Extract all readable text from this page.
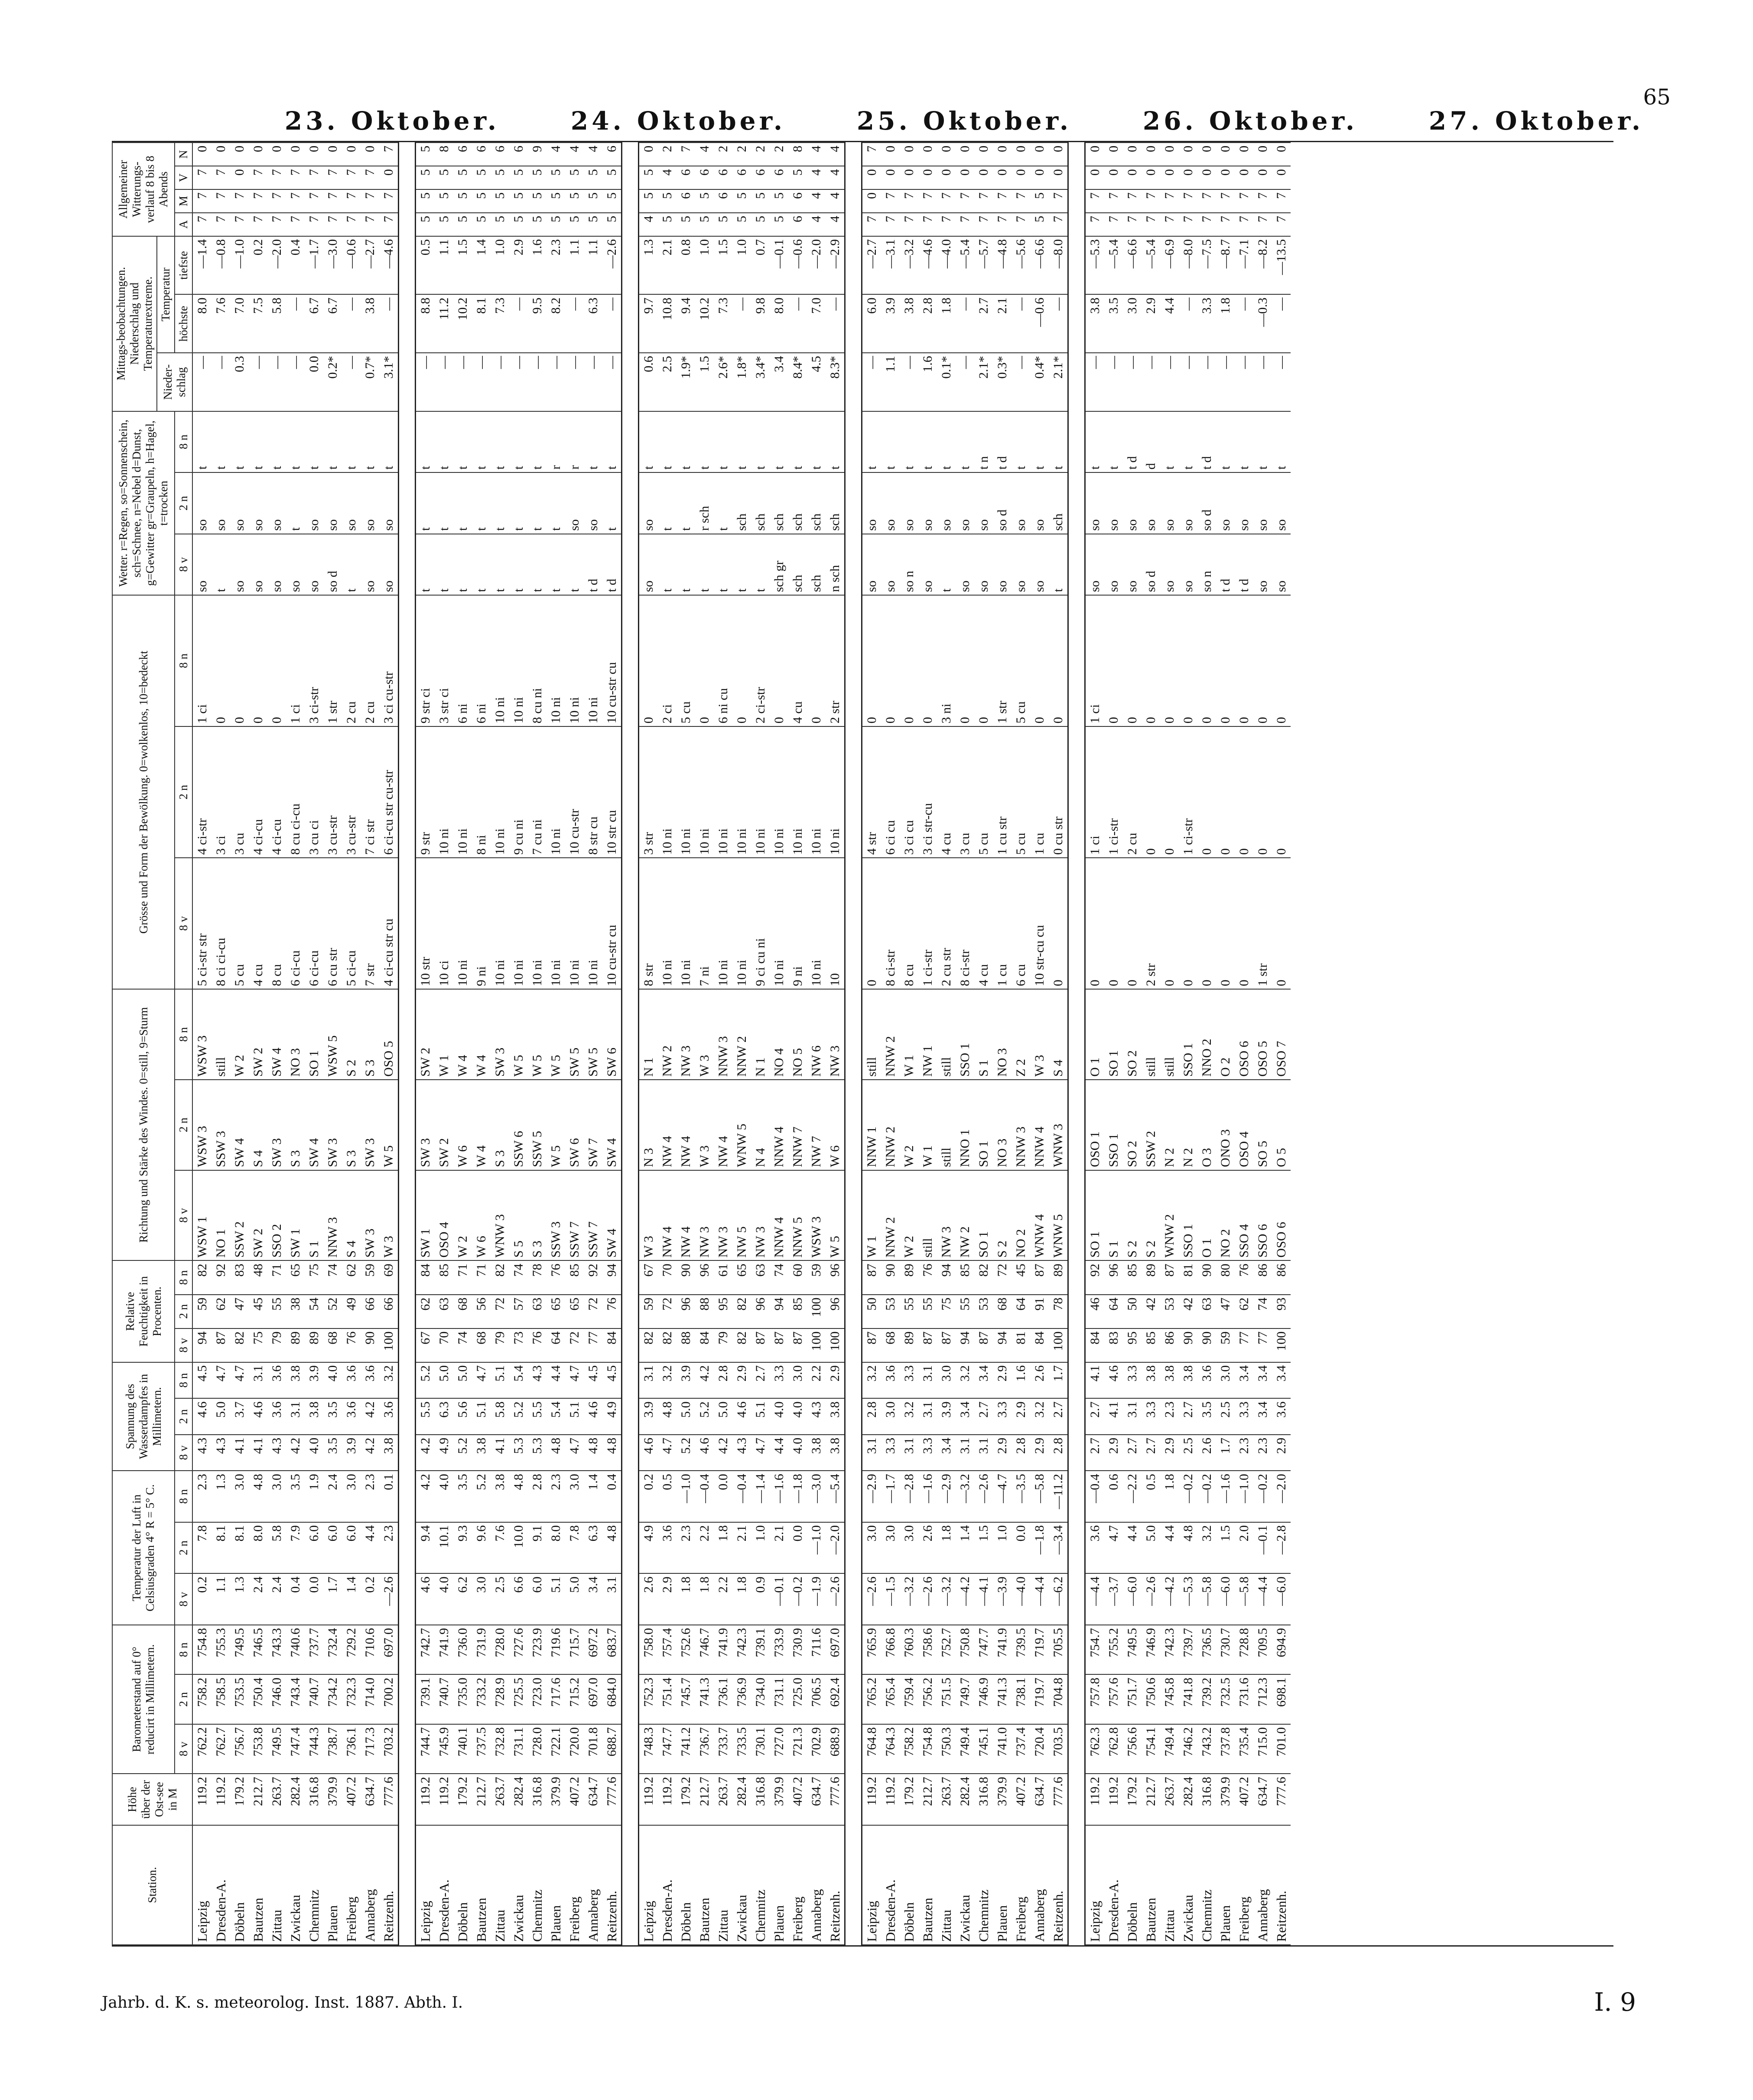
65
23. Oktober.	24. Oktober.	25. Oktober.	26. Oktober.	27. Oktober.
Station.	Höhe über der Ost-see in M	Barometerstand auf 0° reducirt in Millimetern.			Temperatur der Luft in Celsiusgraden 4° R = 5° C.			Spannung des Wasserdampfes in Millimetern.			Relative Feuchtigkeit in Procenten.			Richtung und Stärke des Windes. 0=still, 9=Sturm			Grösse und Form der Bewölkung. 0=wolkenlos, 10=bedeckt			Wetter. r=Regen, so=Sonnenschein, sch=Schnee, n=Nebel d=Dunst, g=Gewitter gr=Graupeln, h=Hagel, t=trocken			Mittags-beobachtungen. Niederschlag und Temperaturextreme.			Allgemeiner Witterungs-verlauf 8 bis 8 Abends			
																							Nieder-schlag	Temperatur					
		8 v	2 n	8 n	8 v	2 n	8 n	8 v	2 n	8 n	8 v	2 n	8 n	8 v	2 n	8 n	8 v	2 n	8 n	8 v	2 n	8 n		höchste	tiefste	A	M	V	N
Leipzig	119.2	762.2	758.2	754.8	0.2	7.8	2.3	4.3	4.6	4.5	94	59	82	WSW 1	WSW 3	WSW 3	5 ci-str str	4 ci-str	1 ci	so	so	t	—	8.0	—1.4	7	7	7	0
Dresden-A.	119.2	762.7	758.5	755.3	1.1	8.1	1.3	4.3	5.0	4.7	87	62	92	NO 1	SSW 3	still	8 ci ci-cu	3 ci	0	t	so	t	—	7.6	—0.8	7	7	7	0
Döbeln	179.2	756.7	753.5	749.5	1.3	8.1	3.0	4.1	3.7	4.7	82	47	83	SSW 2	SW 4	W 2	5 cu	3 cu	0	so	so	t	0.3	7.0	—1.0	7	7	0	0
Bautzen	212.7	753.8	750.4	746.5	2.4	8.0	4.8	4.1	4.6	3.1	75	45	48	SW 2	S 4	SW 2	4 cu	4 ci-cu	0	so	so	t	—	7.5	0.2	7	7	7	0
Zittau	263.7	749.5	746.0	743.3	2.4	5.8	3.0	4.3	3.6	3.6	79	55	71	SSO 2	SW 3	SW 4	8 cu	4 ci-cu	0	so	so	t	—	5.8	—2.0	7	7	7	0
Zwickau	282.4	747.4	743.4	740.6	0.4	7.9	3.5	4.2	3.1	3.8	89	38	65	SW 1	S 3	NO 3	6 ci-cu	8 cu ci-cu	1 ci	so	t	t	—	—	0.4	7	7	7	0
Chemnitz	316.8	744.3	740.7	737.7	0.0	6.0	1.9	4.0	3.8	3.9	89	54	75	S 1	SW 4	SO 1	6 ci-cu	3 cu ci	3 ci-str	so	so	t	0.0	6.7	—1.7	7	7	7	0
Plauen	379.9	738.7	734.2	732.4	1.7	6.0	2.4	3.5	3.5	4.0	68	52	74	NNW 3	SW 3	WSW 5	6 cu str	3 cu-str	1 str	so d	so	t	0.2*	6.7	—3.0	7	7	7	0
Freiberg	407.2	736.1	732.3	729.2	1.4	6.0	3.0	3.9	3.6	3.6	76	49	62	S 4	S 3	S 2	5 ci-cu	3 cu-str	2 cu	t	so	t	—	—	—0.6	7	7	7	0
Annaberg	634.7	717.3	714.0	710.6	0.2	4.4	2.3	4.2	4.2	3.6	90	66	59	SW 3	SW 3	S 3	7 str	7 ci str	2 cu	so	so	t	0.7*	3.8	—2.7	7	7	7	0
Reitzenh.	777.6	703.2	700.2	697.0	—2.6	2.3	0.1	3.8	3.6	3.2	100	66	69	W 3	W 5	OSO 5	4 ci-cu str cu	6 ci-cu str cu-str	3 ci cu-str	so	so	t	3.1*	—	—4.6	7	7	0	7

Leipzig	119.2	744.7	739.1	742.7	4.6	9.4	4.2	4.2	5.5	5.2	67	62	84	SW 1	SW 3	SW 2	10 str	9 str	9 str ci	t	t	t	—	8.8	0.5	5	5	5	5
Dresden-A.	119.2	745.9	740.7	741.9	4.0	10.1	4.0	4.9	6.3	5.0	70	63	85	OSO 4	SW 2	W 1	10 ci	10 ni	3 str ci	t	t	t	—	11.2	1.1	5	5	5	8
Döbeln	179.2	740.1	735.0	736.0	6.2	9.3	3.5	5.2	5.6	5.0	74	68	71	W 2	W 6	W 4	10 ni	10 ni	6 ni	t	t	t	—	10.2	1.5	5	5	5	6
Bautzen	212.7	737.5	733.2	731.9	3.0	9.6	5.2	3.8	5.1	4.7	68	56	71	W 6	W 4	W 4	9 ni	8 ni	6 ni	t	t	t	—	8.1	1.4	5	5	5	6
Zittau	263.7	732.8	728.9	728.0	2.5	7.6	3.8	4.1	5.8	5.1	79	72	82	WNW 3	S 3	SW 3	10 ni	10 ni	10 ni	t	t	t	—	7.3	1.0	5	5	5	6
Zwickau	282.4	731.1	725.5	727.6	6.6	10.0	4.8	5.3	5.2	5.4	73	57	74	S 5	SSW 6	W 5	10 ni	9 cu ni	10 ni	t	t	t	—	—	2.9	5	5	5	6
Chemnitz	316.8	728.0	723.0	723.9	6.0	9.1	2.8	5.3	5.5	4.3	76	63	78	S 3	SSW 5	W 5	10 ni	7 cu ni	8 cu ni	t	t	t	—	9.5	1.6	5	5	5	9
Plauen	379.9	722.1	717.6	719.6	5.1	8.0	2.3	4.8	5.4	4.4	64	65	76	SSW 3	W 5	W 5	10 ni	10 ni	10 ni	t	t	r	—	8.2	2.3	5	5	5	4
Freiberg	407.2	720.0	715.2	715.7	5.0	7.8	3.0	4.7	5.1	4.7	72	65	85	SSW 7	SW 6	SW 5	10 ni	10 cu-str	10 ni	t	so	r	—	—	1.1	5	5	5	4
Annaberg	634.7	701.8	697.0	697.2	3.4	6.3	1.4	4.8	4.6	4.5	77	72	92	SSW 7	SW 7	SW 5	10 ni	8 str cu	10 ni	t d	so	t	—	6.3	1.1	5	5	5	4
Reitzenh.	777.6	688.7	684.0	683.7	3.1	4.8	0.4	4.8	4.9	4.5	84	76	94	SW 4	SW 4	SW 6	10 cu-str cu	10 str cu	10 cu-str cu	t d	t	t	—	—	—2.6	5	5	5	6

Leipzig	119.2	748.3	752.3	758.0	2.6	4.9	0.2	4.6	3.9	3.1	82	59	67	W 3	N 3	N 1	8 str	3 str	0	so	so	t	0.6	9.7	1.3	4	5	5	0
Dresden-A.	119.2	747.7	751.4	757.4	2.9	3.6	0.5	4.7	4.8	3.2	82	72	70	NW 4	NW 4	NW 2	10 ni	10 ni	2 ci	t	t	t	2.5	10.8	2.1	5	5	4	2
Döbeln	179.2	741.2	745.7	752.6	1.8	2.3	—1.0	5.2	5.0	3.9	88	96	90	NW 4	NW 4	NW 3	10 ni	10 ni	5 cu	t	t	t	1.9*	9.4	0.8	5	6	6	7
Bautzen	212.7	736.7	741.3	746.7	1.8	2.2	—0.4	4.6	5.2	4.2	84	88	96	NW 3	W 3	W 3	7 ni	10 ni	0	t	r sch	t	1.5	10.2	1.0	5	5	6	4
Zittau	263.7	733.7	736.1	741.9	2.2	1.8	0.0	4.2	5.0	2.8	79	95	61	NW 3	NW 4	NNW 3	10 ni	10 ni	6 ni cu	t	t	t	2.6*	7.3	1.5	5	6	6	2
Zwickau	282.4	733.5	736.9	742.3	1.8	2.1	—0.4	4.3	4.6	2.9	82	82	65	NW 5	WNW 5	NNW 2	10 ni	10 ni	0	t	sch	t	1.8*	—	1.0	5	5	6	2
Chemnitz	316.8	730.1	734.0	739.1	0.9	1.0	—1.4	4.7	5.1	2.7	87	96	63	NW 3	N 4	N 1	9 ci cu ni	10 ni	2 ci-str	t	sch	t	3.4*	9.8	0.7	5	5	6	2
Plauen	379.9	727.0	731.1	733.9	—0.1	2.1	—1.6	4.4	4.0	3.3	87	94	74	NNW 4	NNW 4	NO 4	10 ni	10 ni	0	sch gr	sch	t	3.4	8.0	—0.1	5	5	6	2
Freiberg	407.2	721.3	725.0	730.9	—0.2	0.0	—1.8	4.0	4.0	3.0	87	85	60	NNW 5	NNW 7	NO 5	9 ni	10 ni	4 cu	sch	sch	t	8.4*	—	—0.6	6	6	5	8
Annaberg	634.7	702.9	706.5	711.6	—1.9	—1.0	—3.0	3.8	4.3	2.2	100	100	59	WSW 3	NW 7	NW 6	10 ni	10 ni	0	sch	sch	t	4.5	7.0	—2.0	4	4	4	4
Reitzenh.	777.6	688.9	692.4	697.0	—2.6	—2.0	—5.4	3.8	3.8	2.9	100	96	96	W 5	W 6	NW 3	10	10 ni	2 str	n sch	sch	t	8.3*	—	—2.9	4	4	4	4

Leipzig	119.2	764.8	765.2	765.9	—2.6	3.0	—2.9	3.1	2.8	3.2	87	50	87	W 1	NNW 1	still	0	4 str	0	so	so	t	—	6.0	—2.7	7	0	0	7
Dresden-A.	119.2	764.3	765.4	766.8	—1.5	3.0	—1.7	3.3	3.0	3.6	68	53	90	NNW 2	NNW 2	NNW 2	8 ci-str	6 ci cu	0	so	so	t	1.1	3.9	—3.1	7	7	0	0
Döbeln	179.2	758.2	759.4	760.3	—3.2	3.0	—2.8	3.1	3.2	3.3	89	55	89	W 2	W 2	W 1	8 cu	3 ci cu	0	so n	so	t	—	3.8	—3.2	7	7	0	0
Bautzen	212.7	754.8	756.2	758.6	—2.6	2.6	—1.6	3.3	3.1	3.1	87	55	76	still	W 1	NW 1	1 ci-str	3 ci str-cu	0	so	so	t	1.6	2.8	—4.6	7	7	0	0
Zittau	263.7	750.3	751.5	752.7	—3.2	1.8	—2.9	3.4	3.9	3.0	87	75	94	NW 3	still	still	2 cu str	4 cu	3 ni	t	so	t	0.1*	1.8	—4.0	7	7	0	0
Zwickau	282.4	749.4	749.7	750.8	—4.2	1.4	—3.2	3.1	3.4	3.2	94	55	85	NW 2	NNO 1	SSO 1	8 ci-str	3 cu	0	so	so	t	—	—	—5.4	7	7	0	0
Chemnitz	316.8	745.1	746.9	747.7	—4.1	1.5	—2.6	3.1	2.7	3.4	87	53	82	SO 1	SO 1	S 1	4 cu	5 cu	0	so	so	t n	2.1*	2.7	—5.7	7	7	0	0
Plauen	379.9	741.0	741.3	741.9	—3.9	1.0	—4.7	2.9	3.3	2.9	94	68	72	S 2	NO 3	NO 3	1 cu	1 cu str	1 str	so	so d	t d	0.3*	2.1	—4.8	7	7	0	0
Freiberg	407.2	737.4	738.1	739.5	—4.0	0.0	—3.5	2.8	2.9	1.6	81	64	45	NO 2	NNW 3	Z 2	6 cu	5 cu	5 cu	so	so	t	—	—	—5.6	7	7	0	0
Annaberg	634.7	720.4	719.7	719.7	—4.4	—1.8	—5.8	2.9	3.2	2.6	84	91	87	WNW 4	NNW 4	W 3	10 str-cu cu	1 cu	0	so	so	t	0.4*	—0.6	—6.6	5	5	0	0
Reitzenh.	777.6	703.5	704.8	705.5	—6.2	—3.4	—11.2	2.8	2.7	1.7	100	78	89	WNW 5	WNW 3	S 4	0	0 cu str	0	t	sch	t	2.1*	—	—8.0	7	7	0	0

Leipzig	119.2	762.3	757.8	754.7	—4.4	3.6	—0.4	2.7	2.7	4.1	84	46	92	SO 1	OSO 1	O 1	0	1 ci	1 ci	so	so	t	—	3.8	—5.3	7	7	0	0
Dresden-A.	119.2	762.8	757.6	755.2	—3.7	4.7	0.6	2.9	4.1	4.6	83	64	96	S 1	SSO 1	SO 1	0	1 ci-str	0	so	so	t	—	3.5	—5.4	7	7	0	0
Döbeln	179.2	756.6	751.7	749.5	—6.0	4.4	—2.2	2.7	3.1	3.3	95	50	85	S 2	SO 2	SO 2	0	2 cu	0	so	so	t d	—	3.0	—6.6	7	7	0	0
Bautzen	212.7	754.1	750.6	746.9	—2.6	5.0	0.5	2.7	3.3	3.8	85	42	89	S 2	SSW 2	still	2 str	0	0	so d	so	d	—	2.9	—5.4	7	7	0	0
Zittau	263.7	749.4	745.8	742.3	—4.2	4.4	1.8	2.9	2.3	3.8	86	53	87	WNW 2	N 2	still	0	0	0	so	so	t	—	4.4	—6.9	7	7	0	0
Zwickau	282.4	746.2	741.8	739.7	—5.3	4.8	—0.2	2.5	2.7	3.8	90	42	81	SSO 1	N 2	SSO 1	0	1 ci-str	0	so	so	t	—	—	—8.0	7	7	0	0
Chemnitz	316.8	743.2	739.2	736.5	—5.8	3.2	—0.2	2.6	3.5	3.6	90	63	90	O 1	O 3	NNO 2	0	0	0	so n	so d	t d	—	3.3	—7.5	7	7	0	0
Plauen	379.9	737.8	732.5	730.7	—6.0	1.5	—1.6	1.7	2.5	3.0	59	47	80	NO 2	ONO 3	O 2	0	0	0	t d	so	t	—	1.8	—8.7	7	7	0	0
Freiberg	407.2	735.4	731.6	728.8	—5.8	2.0	—1.0	2.3	3.3	3.4	77	62	76	SSO 4	OSO 4	OSO 6	0	0	0	t d	so	t	—	—	—7.1	7	7	0	0
Annaberg	634.7	715.0	712.3	709.5	—4.4	—0.1	—0.2	2.3	3.4	3.4	77	74	86	SSO 6	SO 5	OSO 5	1 str	0	0	so	so	t	—	—0.3	—8.2	7	7	0	0
Reitzenh.	777.6	701.0	698.1	694.9	—6.0	—2.8	—2.0	2.9	3.6	3.4	100	93	86	OSO 6	O 5	OSO 7	0	0	0	so	so	t	—	—	—13.5	7	7	0	0
Jahrb. d. K. s. meteorolog. Inst. 1887. Abth. I.	I. 9
